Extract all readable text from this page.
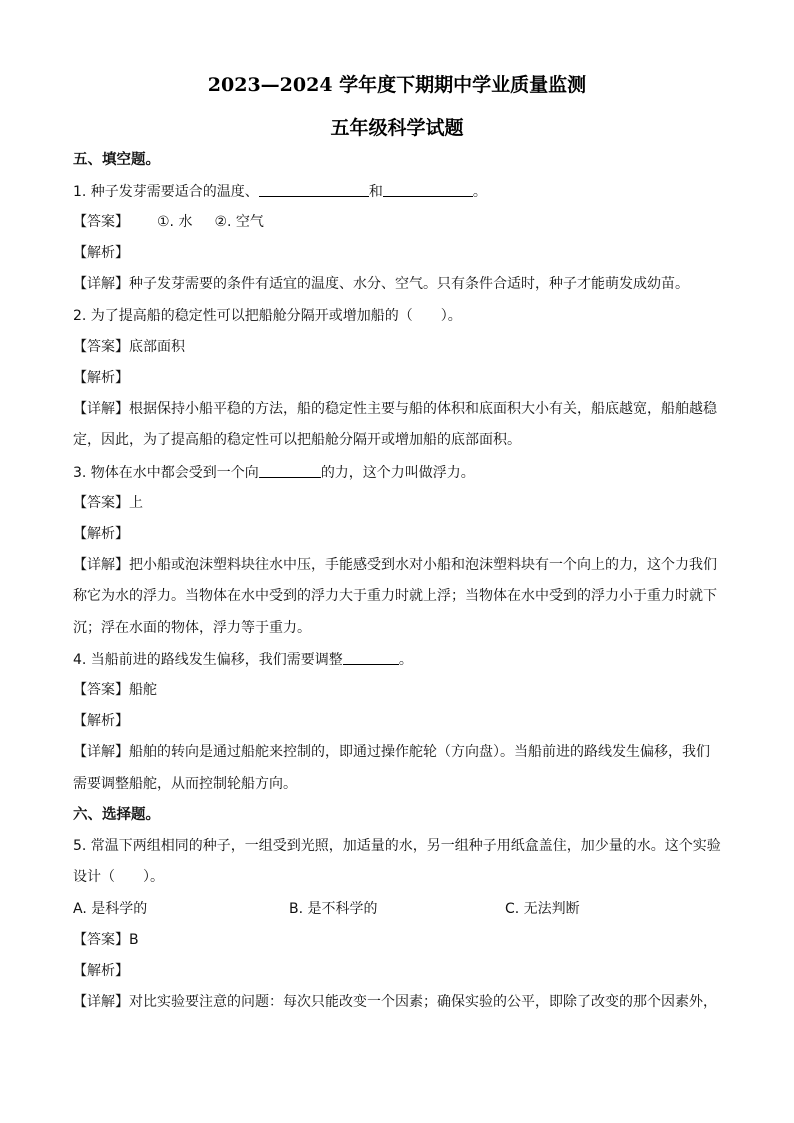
2023—2024 学年度下期期中学业质量监测
五年级科学试题
五、填空题。
1. 种子发芽需要适合的温度、	和	。
【答案】 ①. 水 ②. 空气
【解析】
【详解】种子发芽需要的条件有适宜的温度、水分、空气。只有条件合适时，种子才能萌发成幼苗。
2. 为了提高船的稳定性可以把船舱分隔开或增加船的（　　）。
【答案】底部面积
【解析】
【详解】根据保持小船平稳的方法，船的稳定性主要与船的体积和底面积大小有关，船底越宽，船舶越稳
定，因此，为了提高船的稳定性可以把船舱分隔开或增加船的底部面积。
3. 物体在水中都会受到一个向	的力，这个力叫做浮力。
【答案】上
【解析】
【详解】把小船或泡沫塑料块往水中压，手能感受到水对小船和泡沫塑料块有一个向上的力，这个力我们
称它为水的浮力。当物体在水中受到的浮力大于重力时就上浮；当物体在水中受到的浮力小于重力时就下
沉；浮在水面的物体，浮力等于重力。
4. 当船前进的路线发生偏移，我们需要调整	。
【答案】船舵
【解析】
【详解】船舶的转向是通过船舵来控制的，即通过操作舵轮（方向盘）。当船前进的路线发生偏移，我们
需要调整船舵，从而控制轮船方向。
六、选择题。
5. 常温下两组相同的种子，一组受到光照，加适量的水，另一组种子用纸盒盖住，加少量的水。这个实验
设计（　　）。
A. 是科学的	B. 是不科学的	C. 无法判断
【答案】B
【解析】
【详解】对比实验要注意的问题：每次只能改变一个因素；确保实验的公平，即除了改变的那个因素外，
